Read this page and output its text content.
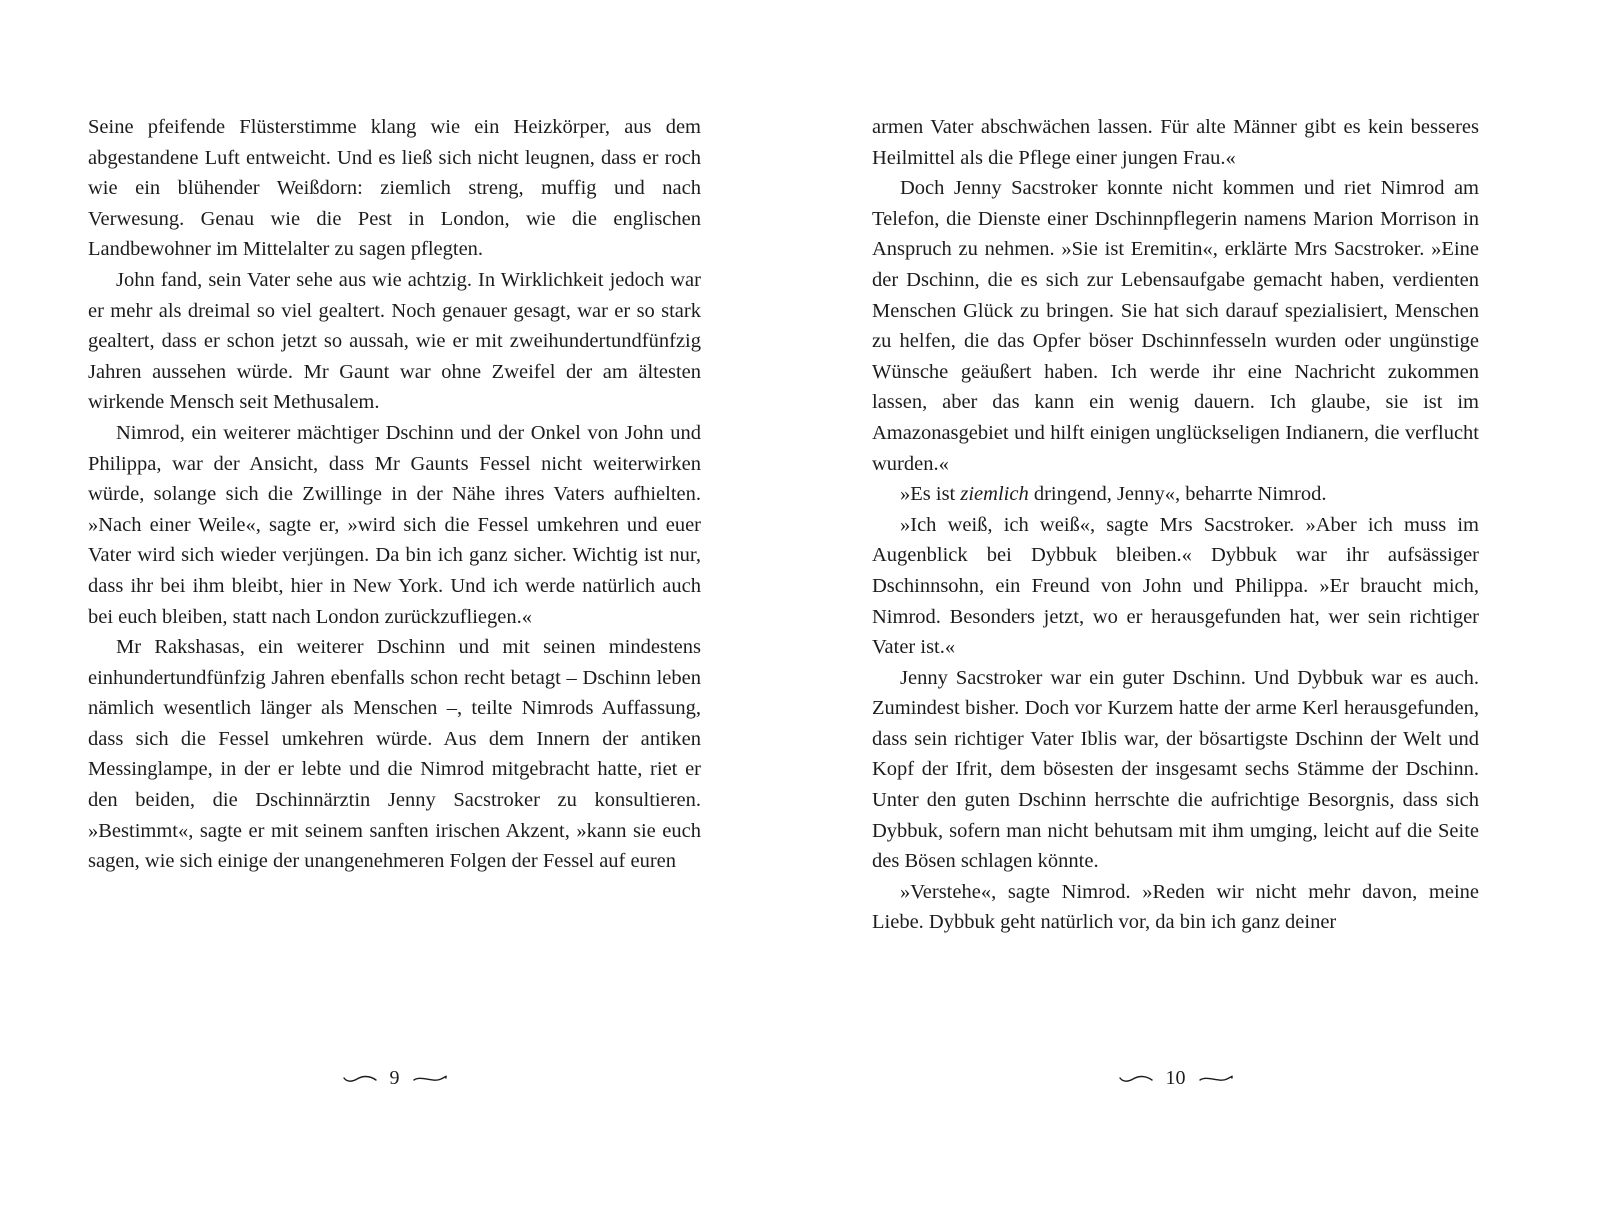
Seine pfeifende Flüsterstimme klang wie ein Heizkörper, aus dem abgestandene Luft entweicht. Und es ließ sich nicht leugnen, dass er roch wie ein blühender Weißdorn: ziemlich streng, muffig und nach Verwesung. Genau wie die Pest in London, wie die englischen Landbewohner im Mittelalter zu sagen pflegten.

John fand, sein Vater sehe aus wie achtzig. In Wirklichkeit jedoch war er mehr als dreimal so viel gealtert. Noch genauer gesagt, war er so stark gealtert, dass er schon jetzt so aussah, wie er mit zweihundertundfünfzig Jahren aussehen würde. Mr Gaunt war ohne Zweifel der am ältesten wirkende Mensch seit Methusalem.

Nimrod, ein weiterer mächtiger Dschinn und der Onkel von John und Philippa, war der Ansicht, dass Mr Gaunts Fessel nicht weiterwirken würde, solange sich die Zwillinge in der Nähe ihres Vaters aufhielten. »Nach einer Weile«, sagte er, »wird sich die Fessel umkehren und euer Vater wird sich wieder verjüngen. Da bin ich ganz sicher. Wichtig ist nur, dass ihr bei ihm bleibt, hier in New York. Und ich werde natürlich auch bei euch bleiben, statt nach London zurückzufliegen.«

Mr Rakshasas, ein weiterer Dschinn und mit seinen mindestens einhundertundfünfzig Jahren ebenfalls schon recht betagt – Dschinn leben nämlich wesentlich länger als Menschen –, teilte Nimrods Auffassung, dass sich die Fessel umkehren würde. Aus dem Innern der antiken Messinglampe, in der er lebte und die Nimrod mitgebracht hatte, riet er den beiden, die Dschinnärztin Jenny Sacstroker zu konsultieren. »Bestimmt«, sagte er mit seinem sanften irischen Akzent, »kann sie euch sagen, wie sich einige der unangenehmeren Folgen der Fessel auf euren

armen Vater abschwächen lassen. Für alte Männer gibt es kein besseres Heilmittel als die Pflege einer jungen Frau.«

Doch Jenny Sacstroker konnte nicht kommen und riet Nimrod am Telefon, die Dienste einer Dschinnpflegerin namens Marion Morrison in Anspruch zu nehmen. »Sie ist Eremitin«, erklärte Mrs Sacstroker. »Eine der Dschinn, die es sich zur Lebensaufgabe gemacht haben, verdienten Menschen Glück zu bringen. Sie hat sich darauf spezialisiert, Menschen zu helfen, die das Opfer böser Dschinnfesseln wurden oder ungünstige Wünsche geäußert haben. Ich werde ihr eine Nachricht zukommen lassen, aber das kann ein wenig dauern. Ich glaube, sie ist im Amazonasgebiet und hilft einigen unglückseligen Indianern, die verflucht wurden.«

»Es ist ziemlich dringend, Jenny«, beharrte Nimrod.

»Ich weiß, ich weiß«, sagte Mrs Sacstroker. »Aber ich muss im Augenblick bei Dybbuk bleiben.« Dybbuk war ihr aufsässiger Dschinnsohn, ein Freund von John und Philippa. »Er braucht mich, Nimrod. Besonders jetzt, wo er herausgefunden hat, wer sein richtiger Vater ist.«

Jenny Sacstroker war ein guter Dschinn. Und Dybbuk war es auch. Zumindest bisher. Doch vor Kurzem hatte der arme Kerl herausgefunden, dass sein richtiger Vater Iblis war, der bösartigste Dschinn der Welt und Kopf der Ifrit, dem bösesten der insgesamt sechs Stämme der Dschinn. Unter den guten Dschinn herrschte die aufrichtige Besorgnis, dass sich Dybbuk, sofern man nicht behutsam mit ihm umging, leicht auf die Seite des Bösen schlagen könnte.

»Verstehe«, sagte Nimrod. »Reden wir nicht mehr davon, meine Liebe. Dybbuk geht natürlich vor, da bin ich ganz deiner

9	10
